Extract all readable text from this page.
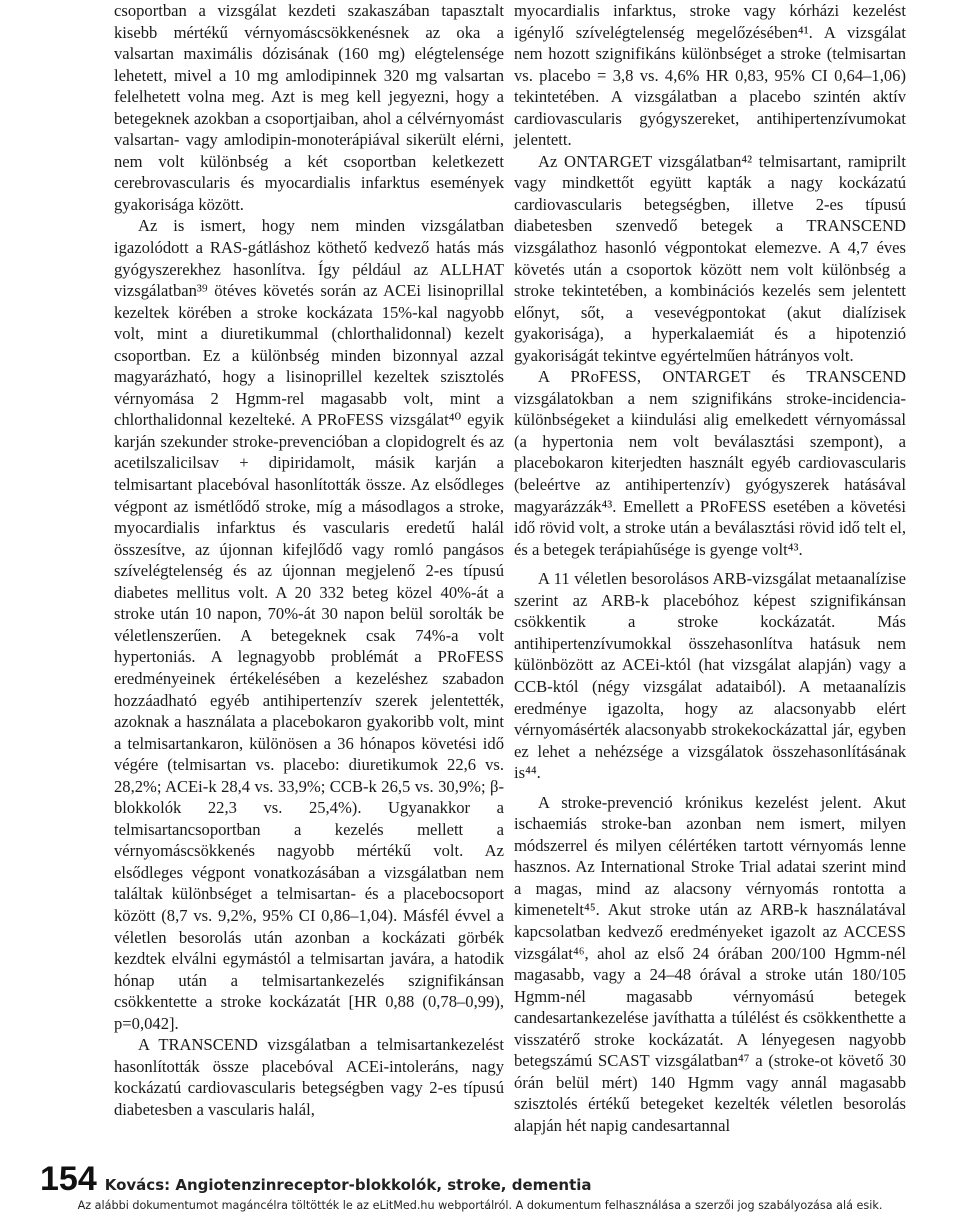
csoportban a vizsgálat kezdeti szakaszában tapasztalt kisebb mértékű vérnyomáscsökkenésnek az oka a valsartan maximális dózisának (160 mg) elégtelensége lehetett, mivel a 10 mg amlodipinnek 320 mg valsartan felelhetett volna meg. Azt is meg kell jegyezni, hogy a betegeknek azokban a csoportjaiban, ahol a célvérnyomást valsartan- vagy amlodipin-monoterápiával sikerült elérni, nem volt különbség a két csoportban keletkezett cerebrovascularis és myocardialis infarktus események gyakorisága között.

Az is ismert, hogy nem minden vizsgálatban igazolódott a RAS-gátláshoz köthető kedvező hatás más gyógyszerekhez hasonlítva. Így például az ALLHAT vizsgálatban³⁹ ötéves követés során az ACEi lisinoprillal kezeltek körében a stroke kockázata 15%-kal nagyobb volt, mint a diuretikummal (chlorthalidonnal) kezelt csoportban. Ez a különbség minden bizonnyal azzal magyarázható, hogy a lisinoprillel kezeltek szisztolés vérnyomása 2 Hgmm-rel magasabb volt, mint a chlorthalidonnal kezelteké. A PRoFESS vizsgálat⁴⁰ egyik karján szekunder stroke-prevencióban a clopidogrelt és az acetilszalicilsav + dipiridamolt, másik karján a telmisartant placebóval hasonlították össze. Az elsődleges végpont az ismétlődő stroke, míg a másodlagos a stroke, myocardialis infarktus és vascularis eredetű halál összesítve, az újonnan kifejlődő vagy romló pangásos szívelégtelenség és az újonnan megjelenő 2-es típusú diabetes mellitus volt. A 20 332 beteg közel 40%-át a stroke után 10 napon, 70%-át 30 napon belül sorolták be véletlenszerűen. A betegeknek csak 74%-a volt hypertoniás. A legnagyobb problémát a PRoFESS eredményeinek értékelésében a kezeléshez szabadon hozzáadható egyéb antihipertenzív szerek jelentették, azoknak a használata a placebokaron gyakoribb volt, mint a telmisartankaron, különösen a 36 hónapos követési idő végére (telmisartan vs. placebo: diuretikumok 22,6 vs. 28,2%; ACEi-k 28,4 vs. 33,9%; CCB-k 26,5 vs. 30,9%; β-blokkolók 22,3 vs. 25,4%). Ugyanakkor a telmisartancsoportban a kezelés mellett a vérnyomáscsökkenés nagyobb mértékű volt. Az elsődleges végpont vonatkozásában a vizsgálatban nem találtak különbséget a telmisartan- és a placebocsoport között (8,7 vs. 9,2%, 95% CI 0,86–1,04). Másfél évvel a véletlen besorolás után azonban a kockázati görbék kezdtek elválni egymástól a telmisartan javára, a hatodik hónap után a telmisartankezelés szignifikánsan csökkentette a stroke kockázatát [HR 0,88 (0,78–0,99), p=0,042].

A TRANSCEND vizsgálatban a telmisartankezelést hasonlították össze placebóval ACEi-intoleráns, nagy kockázatú cardiovascularis betegségben vagy 2-es típusú diabetesben a vascularis halál,

myocardialis infarktus, stroke vagy kórházi kezelést igénylő szívelégtelenség megelőzésében⁴¹. A vizsgálat nem hozott szignifikáns különbséget a stroke (telmisartan vs. placebo = 3,8 vs. 4,6% HR 0,83, 95% CI 0,64–1,06) tekintetében. A vizsgálatban a placebo szintén aktív cardiovascularis gyógyszereket, antihipertenzívumokat jelentett.

Az ONTARGET vizsgálatban⁴² telmisartant, ramiprilt vagy mindkettőt együtt kapták a nagy kockázatú cardiovascularis betegségben, illetve 2-es típusú diabetesben szenvedő betegek a TRANSCEND vizsgálathoz hasonló végpontokat elemezve. A 4,7 éves követés után a csoportok között nem volt különbség a stroke tekintetében, a kombinációs kezelés sem jelentett előnyt, sőt, a vesevégpontokat (akut dialízisek gyakorisága), a hyperkalaemiát és a hipotenzió gyakoriságát tekintve egyértelműen hátrányos volt.

A PRoFESS, ONTARGET és TRANSCEND vizsgálatokban a nem szignifikáns stroke-incidencia-különbségeket a kiindulási alig emelkedett vérnyomással (a hypertonia nem volt beválasztási szempont), a placebokaron kiterjedten használt egyéb cardiovascularis (beleértve az antihipertenzív) gyógyszerek hatásával magyarázzák⁴³. Emellett a PRoFESS esetében a követési idő rövid volt, a stroke után a beválasztási rövid idő telt el, és a betegek terápiahűsége is gyenge volt⁴³.

A 11 véletlen besorolásos ARB-vizsgálat metaanalízise szerint az ARB-k placebóhoz képest szignifikánsan csökkentik a stroke kockázatát. Más antihipertenzívumokkal összehasonlítva hatásuk nem különbözött az ACEi-któl (hat vizsgálat alapján) vagy a CCB-któl (négy vizsgálat adataiból). A metaanalízis eredménye igazolta, hogy az alacsonyabb elért vérnyomásérték alacsonyabb strokekockázattal jár, egyben ez lehet a nehézsége a vizsgálatok összehasonlításának is⁴⁴.

A stroke-prevenció krónikus kezelést jelent. Akut ischaemiás stroke-ban azonban nem ismert, milyen módszerrel és milyen célértéken tartott vérnyomás lenne hasznos. Az International Stroke Trial adatai szerint mind a magas, mind az alacsony vérnyomás rontotta a kimenetelt⁴⁵. Akut stroke után az ARB-k használatával kapcsolatban kedvező eredményeket igazolt az ACCESS vizsgálat⁴⁶, ahol az első 24 órában 200/100 Hgmm-nél magasabb, vagy a 24–48 órával a stroke után 180/105 Hgmm-nél magasabb vérnyomású betegek candesartankezelése javíthatta a túlélést és csökkenthette a visszatérő stroke kockázatát. A lényegesen nagyobb betegszámú SCAST vizsgálatban⁴⁷ a (stroke-ot követő 30 órán belül mért) 140 Hgmm vagy annál magasabb szisztolés értékű betegeket kezelték véletlen besorolás alapján hét napig candesartannal

154 Kovács: Angiotenzinreceptor-blokkolók, stroke, dementia
Az alábbi dokumentumot magáncélra töltötték le az eLitMed.hu webportálról. A dokumentum felhasználása a szerzői jog szabályozása alá esik.
